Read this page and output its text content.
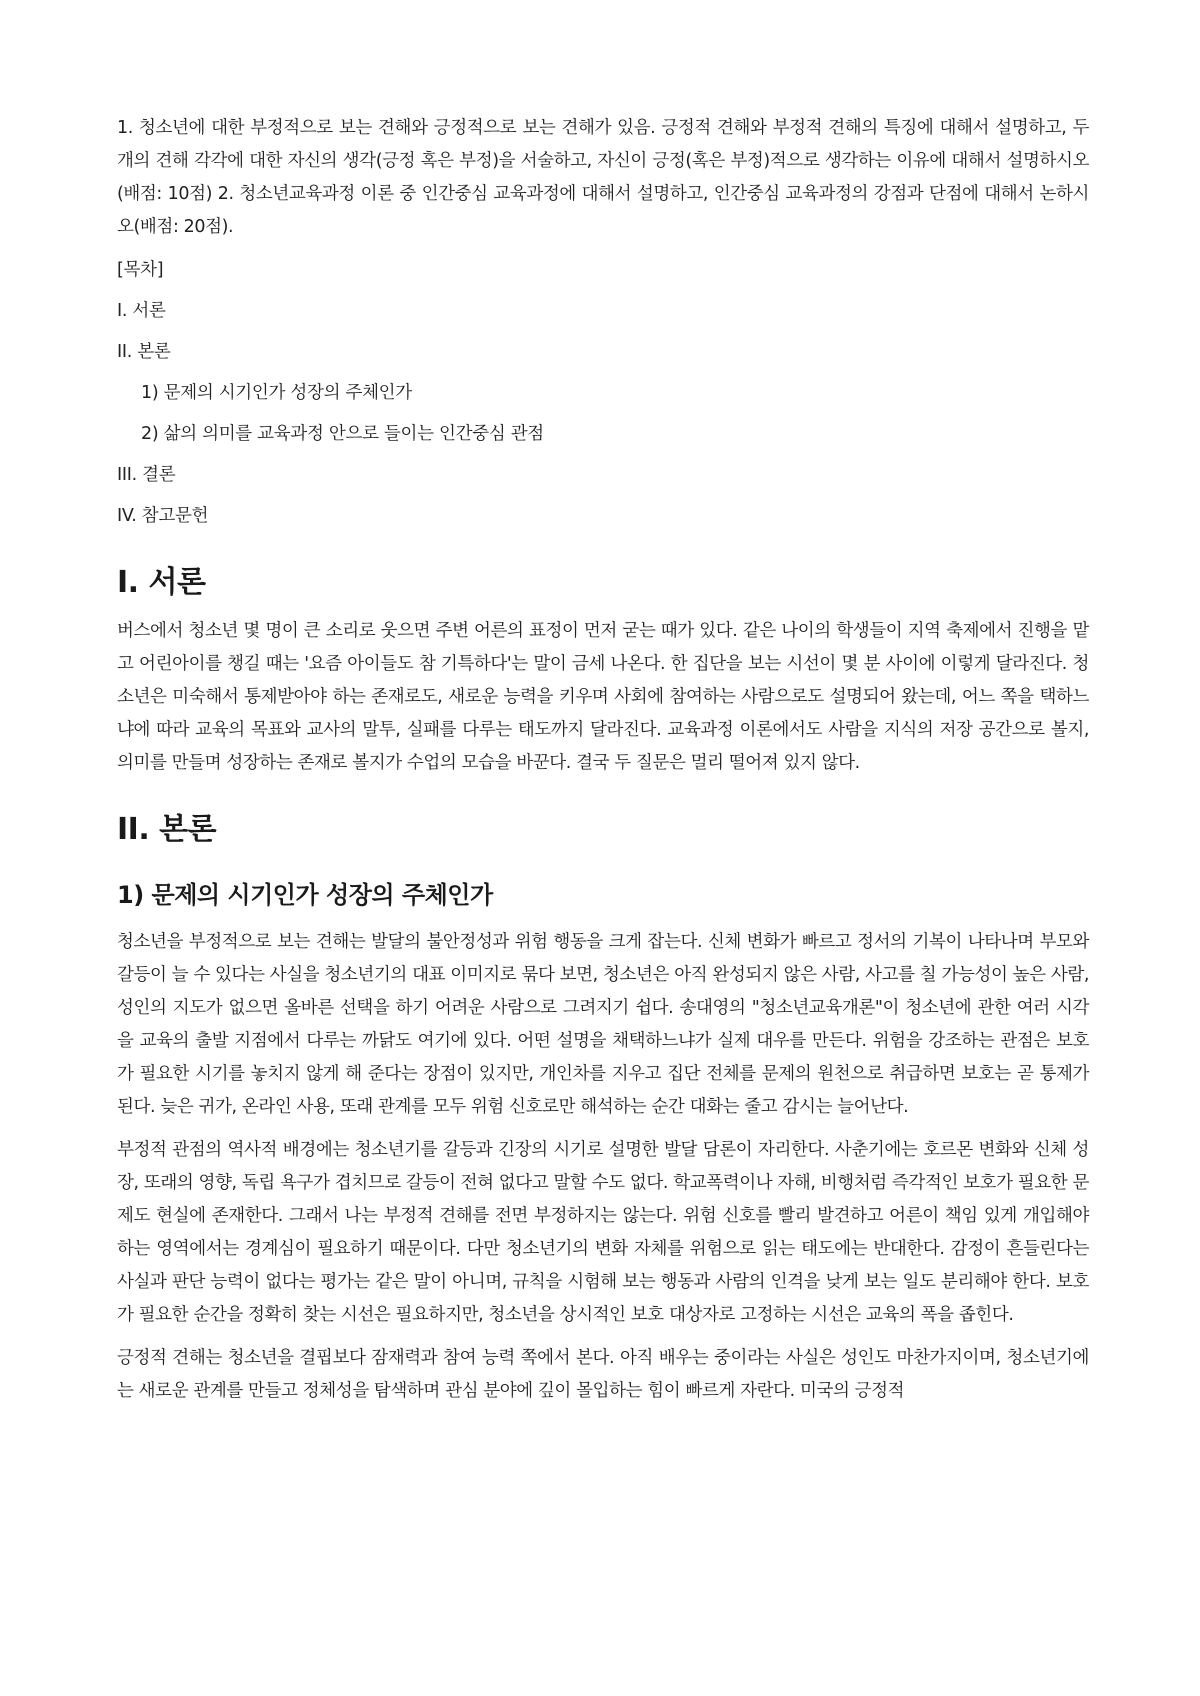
1. 청소년에 대한 부정적으로 보는 견해와 긍정적으로 보는 견해가 있음. 긍정적 견해와 부정적 견해의 특징에 대해서 설명하고, 두 개의 견해 각각에 대한 자신의 생각(긍정 혹은 부정)을 서술하고, 자신이 긍정(혹은 부정)적으로 생각하는 이유에 대해서 설명하시오(배점: 10점) 2. 청소년교육과정 이론 중 인간중심 교육과정에 대해서 설명하고, 인간중심 교육과정의 강점과 단점에 대해서 논하시오(배점: 20점).

[목차]
I. 서론
II. 본론
1) 문제의 시기인가 성장의 주체인가
2) 삶의 의미를 교육과정 안으로 들이는 인간중심 관점
III. 결론
IV. 참고문헌
I. 서론

버스에서 청소년 몇 명이 큰 소리로 웃으면 주변 어른의 표정이 먼저 굳는 때가 있다. 같은 나이의 학생들이 지역 축제에서 진행을 맡고 어린아이를 챙길 때는 '요즘 아이들도 참 기특하다'는 말이 금세 나온다. 한 집단을 보는 시선이 몇 분 사이에 이렇게 달라진다. 청소년은 미숙해서 통제받아야 하는 존재로도, 새로운 능력을 키우며 사회에 참여하는 사람으로도 설명되어 왔는데, 어느 쪽을 택하느냐에 따라 교육의 목표와 교사의 말투, 실패를 다루는 태도까지 달라진다. 교육과정 이론에서도 사람을 지식의 저장 공간으로 볼지, 의미를 만들며 성장하는 존재로 볼지가 수업의 모습을 바꾼다. 결국 두 질문은 멀리 떨어져 있지 않다.

II. 본론
1) 문제의 시기인가 성장의 주체인가

청소년을 부정적으로 보는 견해는 발달의 불안정성과 위험 행동을 크게 잡는다. 신체 변화가 빠르고 정서의 기복이 나타나며 부모와 갈등이 늘 수 있다는 사실을 청소년기의 대표 이미지로 묶다 보면, 청소년은 아직 완성되지 않은 사람, 사고를 칠 가능성이 높은 사람, 성인의 지도가 없으면 올바른 선택을 하기 어려운 사람으로 그려지기 쉽다. 송대영의 "청소년교육개론"이 청소년에 관한 여러 시각을 교육의 출발 지점에서 다루는 까닭도 여기에 있다. 어떤 설명을 채택하느냐가 실제 대우를 만든다. 위험을 강조하는 관점은 보호가 필요한 시기를 놓치지 않게 해 준다는 장점이 있지만, 개인차를 지우고 집단 전체를 문제의 원천으로 취급하면 보호는 곧 통제가 된다. 늦은 귀가, 온라인 사용, 또래 관계를 모두 위험 신호로만 해석하는 순간 대화는 줄고 감시는 늘어난다.

부정적 관점의 역사적 배경에는 청소년기를 갈등과 긴장의 시기로 설명한 발달 담론이 자리한다. 사춘기에는 호르몬 변화와 신체 성장, 또래의 영향, 독립 욕구가 겹치므로 갈등이 전혀 없다고 말할 수도 없다. 학교폭력이나 자해, 비행처럼 즉각적인 보호가 필요한 문제도 현실에 존재한다. 그래서 나는 부정적 견해를 전면 부정하지는 않는다. 위험 신호를 빨리 발견하고 어른이 책임 있게 개입해야 하는 영역에서는 경계심이 필요하기 때문이다. 다만 청소년기의 변화 자체를 위험으로 읽는 태도에는 반대한다. 감정이 흔들린다는 사실과 판단 능력이 없다는 평가는 같은 말이 아니며, 규칙을 시험해 보는 행동과 사람의 인격을 낮게 보는 일도 분리해야 한다. 보호가 필요한 순간을 정확히 찾는 시선은 필요하지만, 청소년을 상시적인 보호 대상자로 고정하는 시선은 교육의 폭을 좁힌다.

긍정적 견해는 청소년을 결핍보다 잠재력과 참여 능력 쪽에서 본다. 아직 배우는 중이라는 사실은 성인도 마찬가지이며, 청소년기에는 새로운 관계를 만들고 정체성을 탐색하며 관심 분야에 깊이 몰입하는 힘이 빠르게 자란다. 미국의 긍정적
